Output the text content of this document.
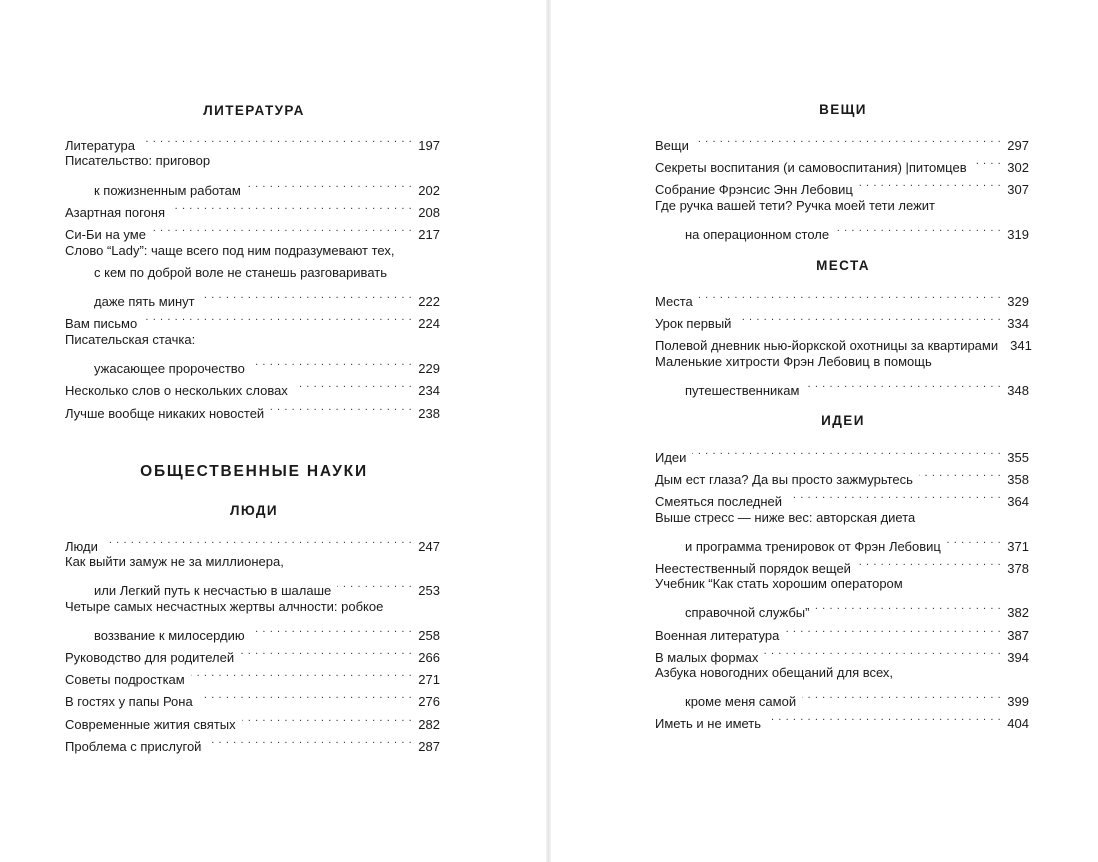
ЛИТЕРАТУРА
Литература . . .	197
Писательство: приговор
к пожизненным работам . . .	202
Азартная погоня . . .	208
Си-Би на уме . . .	217
Слово “Lady”: чаще всего под ним подразумевают тех,
с кем по доброй воле не станешь разговаривать
даже пять минут . . .	222
Вам письмо . . .	224
Писательская стачка:
ужасающее пророчество . . .	229
Несколько слов о нескольких словах . . .	234
Лучше вообще никаких новостей . . .	238
ОБЩЕСТВЕННЫЕ НАУКИ
ЛЮДИ
Люди . . .	247
Как выйти замуж не за миллионера,
или Легкий путь к несчастью в шалаше . . .	253
Четыре самых несчастных жертвы алчности: робкое
воззвание к милосердию . . .	258
Руководство для родителей . . .	266
Советы подросткам . . .	271
В гостях у папы Рона . . .	276
Современные жития святых . . .	282
Проблема с прислугой . . .	287
ВЕЩИ
Вещи . . .	297
Секреты воспитания (и самовоспитания) |питомцев . . .	302
Собрание Фрэнсис Энн Лебовиц . . .	307
Где ручка вашей тети? Ручка моей тети лежит
на операционном столе . . .	319
МЕСТА
Места . . .	329
Урок первый . . .	334
Полевой дневник нью-йоркской охотницы за квартирами 341
Маленькие хитрости Фрэн Лебовиц в помощь
путешественникам . . .	348
ИДЕИ
Идеи . . .	355
Дым ест глаза? Да вы просто зажмурьтесь . . .	358
Смеяться последней . . .	364
Выше стресс — ниже вес: авторская диета
и программа тренировок от Фрэн Лебовиц . . .	371
Неестественный порядок вещей . . .	378
Учебник “Как стать хорошим оператором
справочной службы” . . .	382
Военная литература . . .	387
В малых формах . . .	394
Азбука новогодних обещаний для всех,
кроме меня самой . . .	399
Иметь и не иметь . . .	404
